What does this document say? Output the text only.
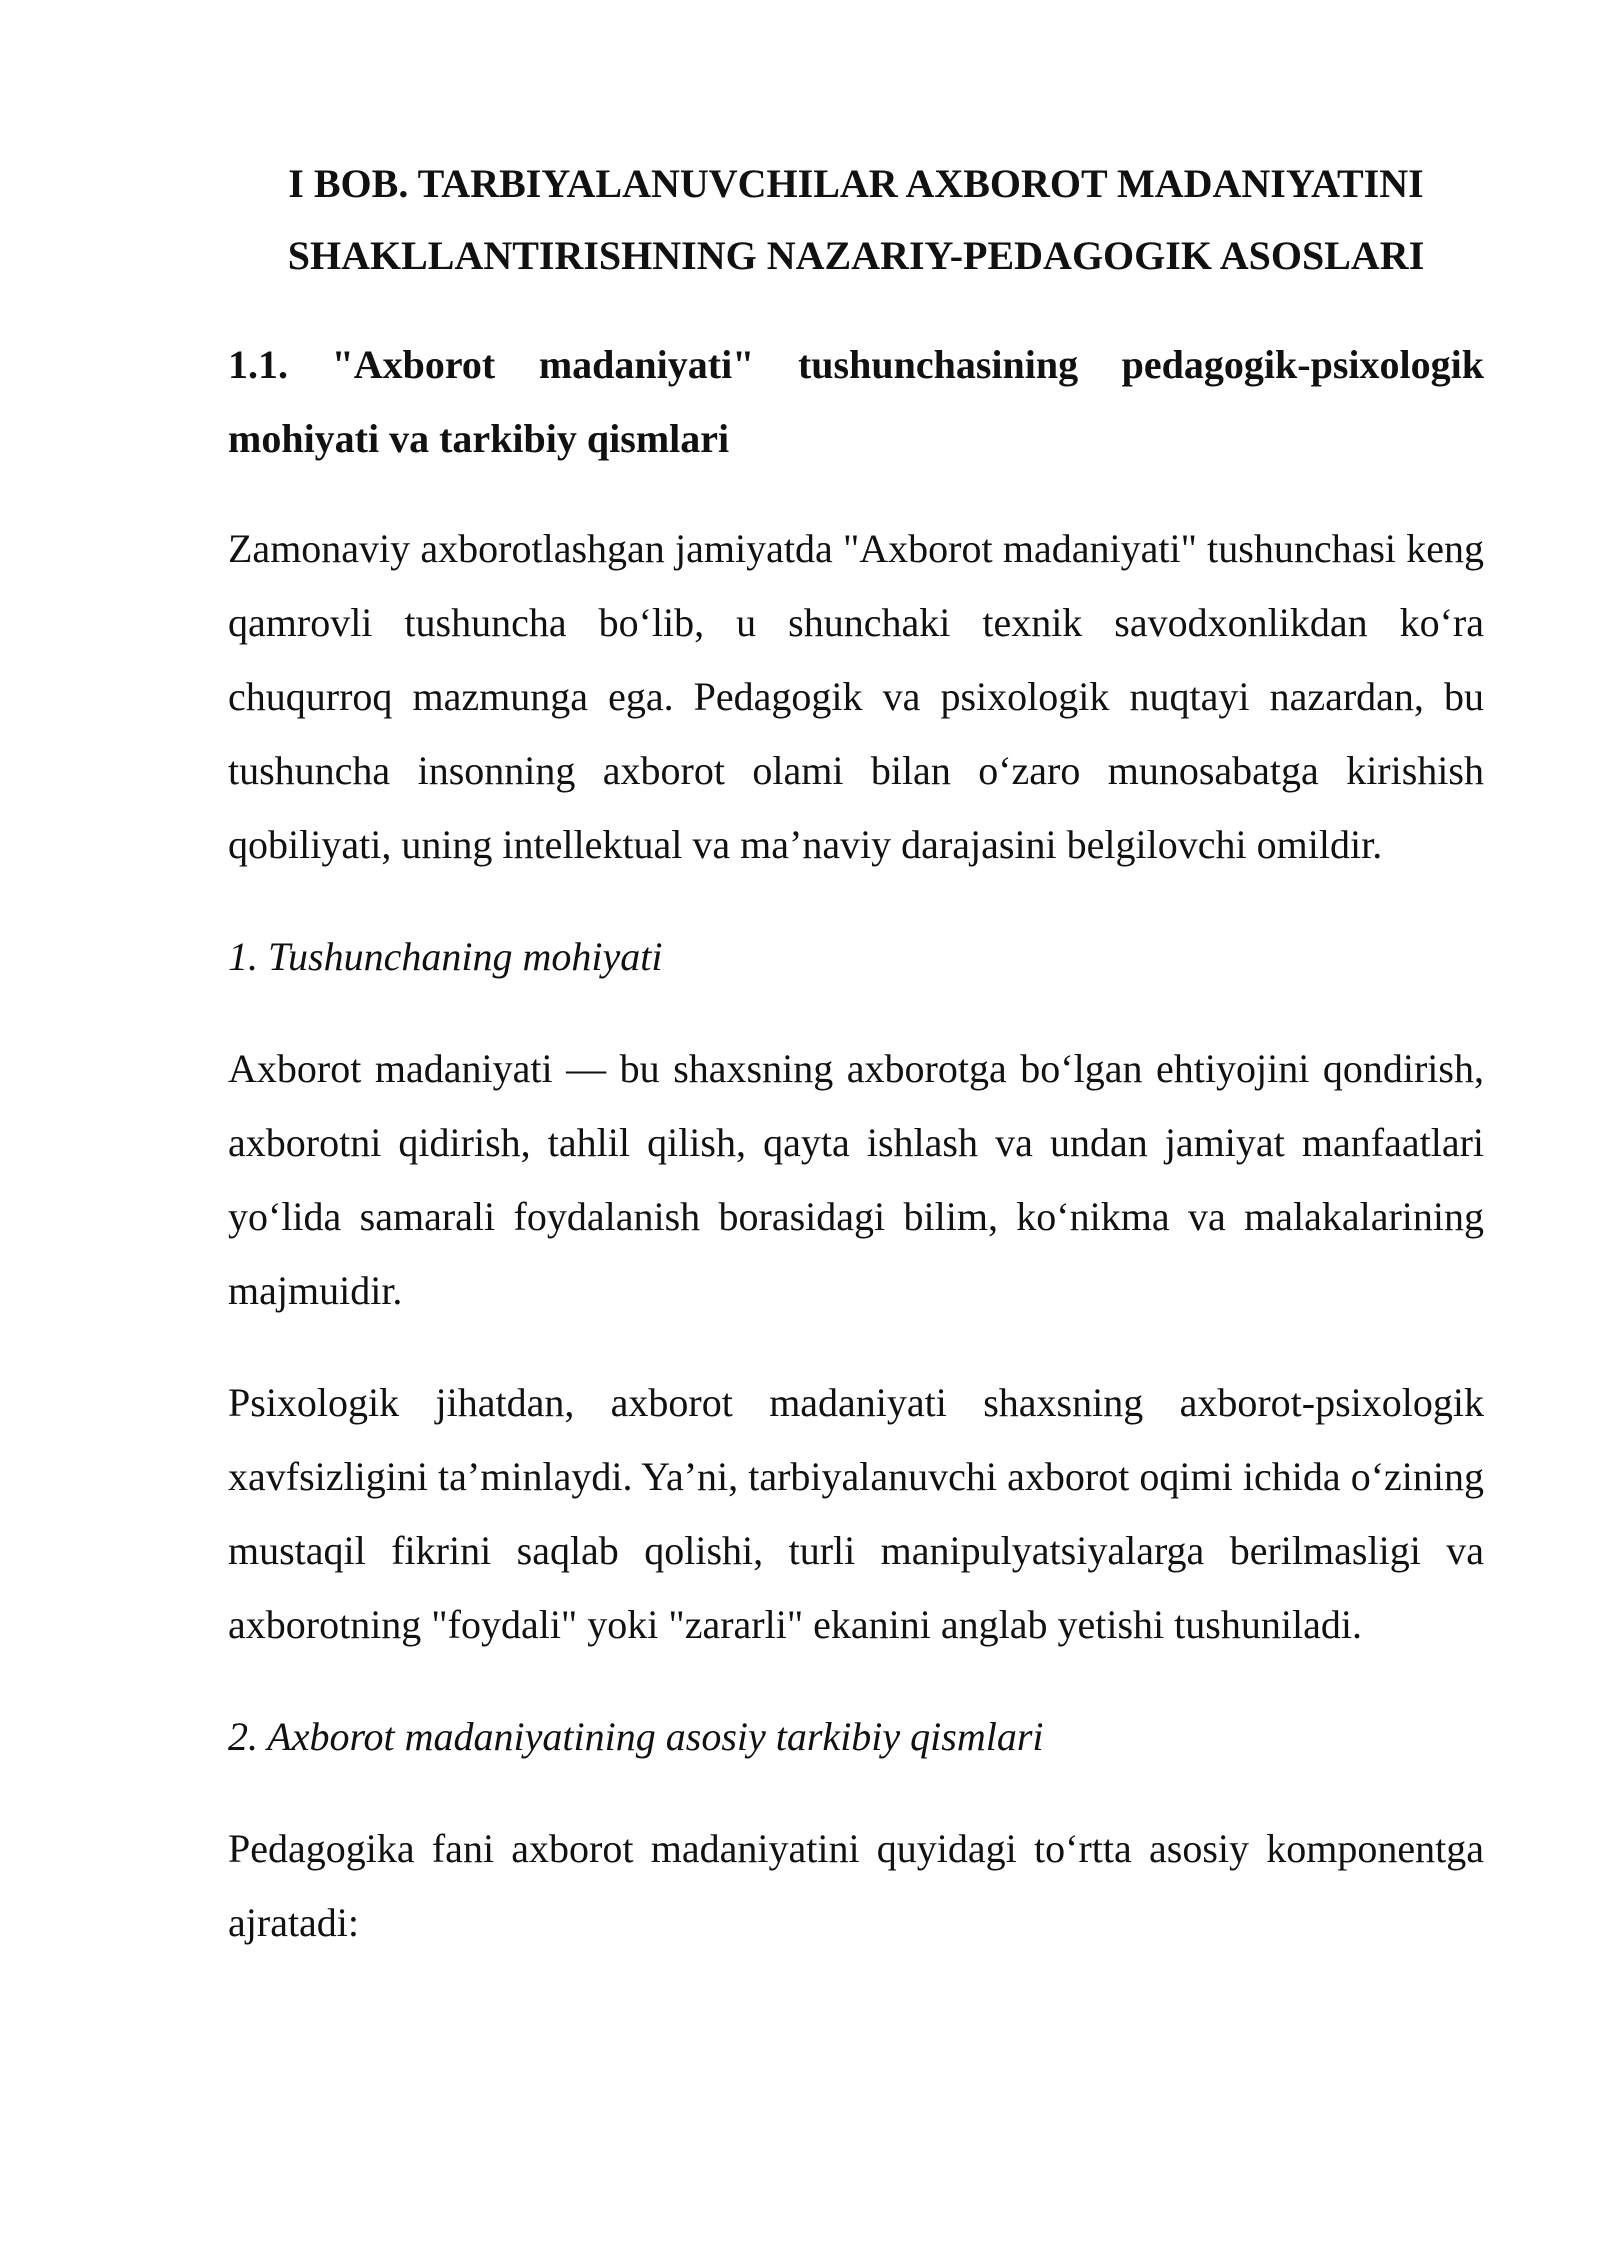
I BOB. TARBIYALANUVCHILAR AXBOROT MADANIYATINI
SHAKLLANTIRISHNING NAZARIY-PEDAGOGIK ASOSLARI
1.1. "Axborot madaniyati" tushunchasining pedagogik-psixologik mohiyati va tarkibiy qismlari

Zamonaviy axborotlashgan jamiyatda "Axborot madaniyati" tushunchasi keng qamrovli tushuncha bo‘lib, u shunchaki texnik savodxonlikdan ko‘ra chuqurroq mazmunga ega. Pedagogik va psixologik nuqtayi nazardan, bu tushuncha insonning axborot olami bilan o‘zaro munosabatga kirishish qobiliyati, uning intellektual va ma’naviy darajasini belgilovchi omildir.

1. Tushunchaning mohiyati

Axborot madaniyati — bu shaxsning axborotga bo‘lgan ehtiyojini qondirish, axborotni qidirish, tahlil qilish, qayta ishlash va undan jamiyat manfaatlari yo‘lida samarali foydalanish borasidagi bilim, ko‘nikma va malakalarining majmuidir.

Psixologik jihatdan, axborot madaniyati shaxsning axborot-psixologik xavfsizligini ta’minlaydi. Ya’ni, tarbiyalanuvchi axborot oqimi ichida o‘zining mustaqil fikrini saqlab qolishi, turli manipulyatsiyalarga berilmasligi va axborotning "foydali" yoki "zararli" ekanini anglab yetishi tushuniladi.

2. Axborot madaniyatining asosiy tarkibiy qismlari

Pedagogika fani axborot madaniyatini quyidagi to‘rtta asosiy komponentga ajratadi:
